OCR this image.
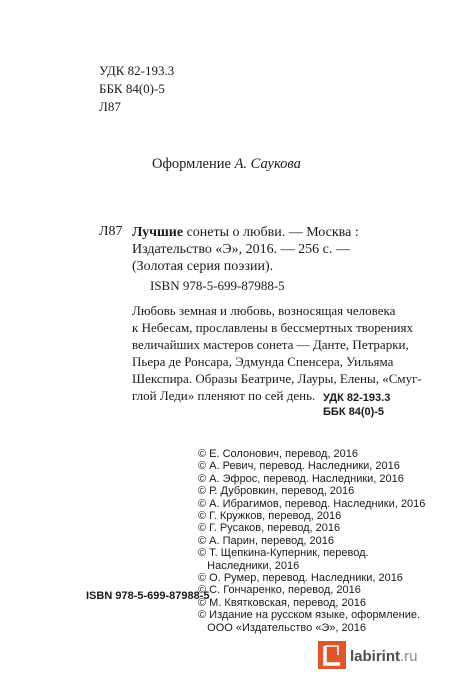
УДК 82-193.3
ББК 84(0)-5
Л87
Оформление А. Саукова
Л87 Лучшие сонеты о любви. — Москва : Издательство «Э», 2016. — 256 с. — (Золотая серия поэзии).
ISBN 978-5-699-87988-5
Любовь земная и любовь, возносящая человека
к Небесам, прославлены в бессмертных творениях
величайших мастеров сонета — Данте, Петрарки,
Пьера де Ронсара, Эдмунда Спенсера, Уильяма
Шекспира. Образы Беатриче, Лауры, Елены, «Смуг-
глой Леди» пленяют по сей день. УДК 82-193.3
ББК 84(0)-5
© Е. Солонович, перевод, 2016
© А. Ревич, перевод. Наследники, 2016
© А. Эфрос, перевод. Наследники, 2016
© Р. Дубровкин, перевод, 2016
© А. Ибрагимов, перевод. Наследники, 2016
© Г. Кружков, перевод, 2016
© Г. Русаков, перевод, 2016
© А. Парин, перевод, 2016
© Т. Щепкина-Куперник, перевод.
Наследники, 2016
© О. Румер, перевод. Наследники, 2016
© С. Гончаренко, перевод, 2016
© М. Квятковская, перевод, 2016
© Издание на русском языке, оформление.
ООО «Издательство «Э», 2016
ISBN 978-5-699-87988-5
labirint.ru
